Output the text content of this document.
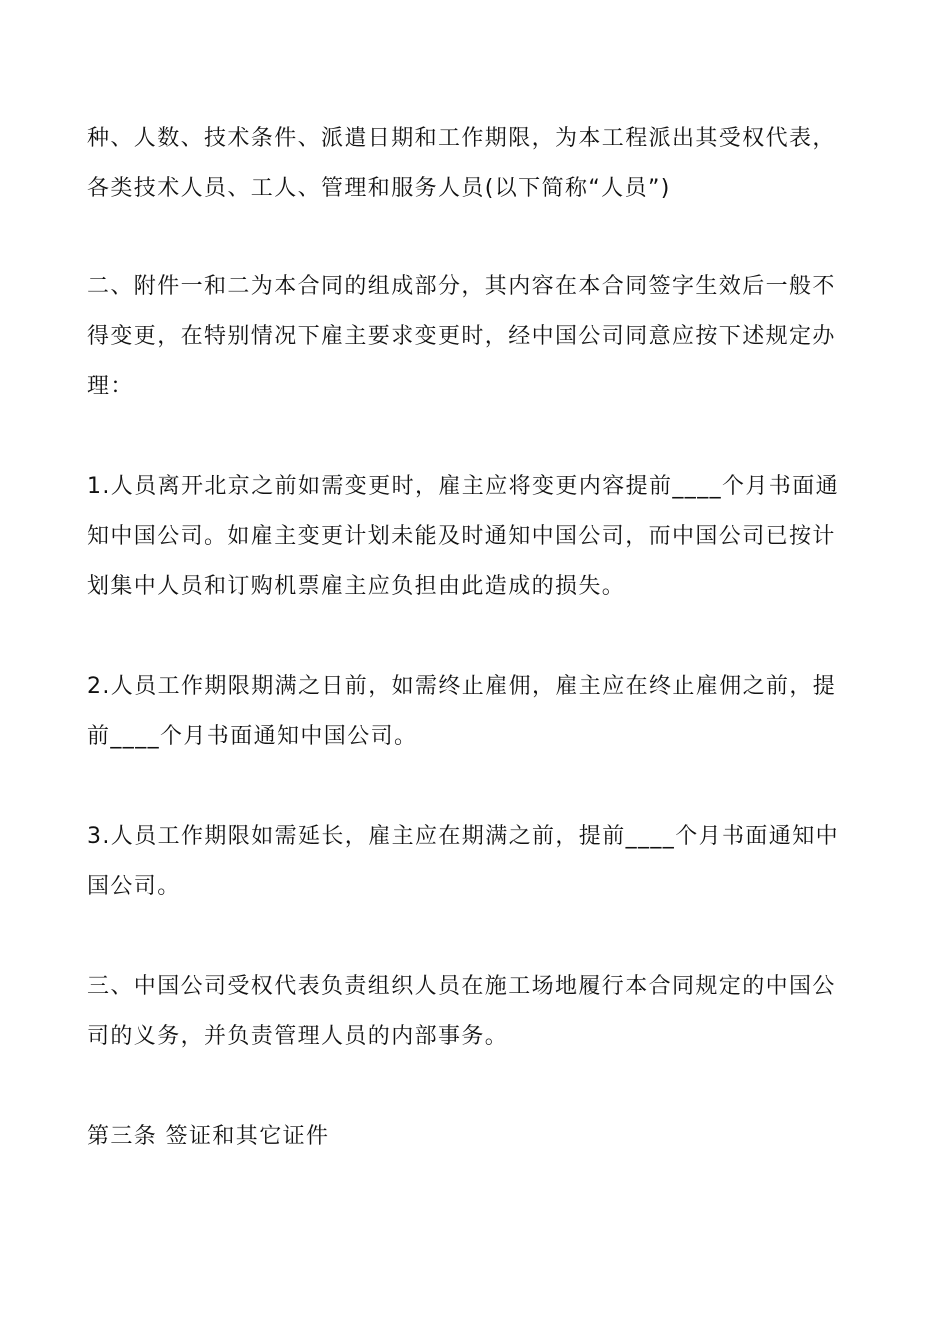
种、人数、技术条件、派遣日期和工作期限，为本工程派出其受权代表，
各类技术人员、工人、管理和服务人员(以下简称“人员”)
二、附件一和二为本合同的组成部分，其内容在本合同签字生效后一般不
得变更，在特别情况下雇主要求变更时，经中国公司同意应按下述规定办
理：
1.人员离开北京之前如需变更时，雇主应将变更内容提前____个月书面通
知中国公司。如雇主变更计划未能及时通知中国公司，而中国公司已按计
划集中人员和订购机票雇主应负担由此造成的损失。
2.人员工作期限期满之日前，如需终止雇佣，雇主应在终止雇佣之前，提
前____个月书面通知中国公司。
3.人员工作期限如需延长，雇主应在期满之前，提前____个月书面通知中
国公司。
三、中国公司受权代表负责组织人员在施工场地履行本合同规定的中国公
司的义务，并负责管理人员的内部事务。
第三条 签证和其它证件
